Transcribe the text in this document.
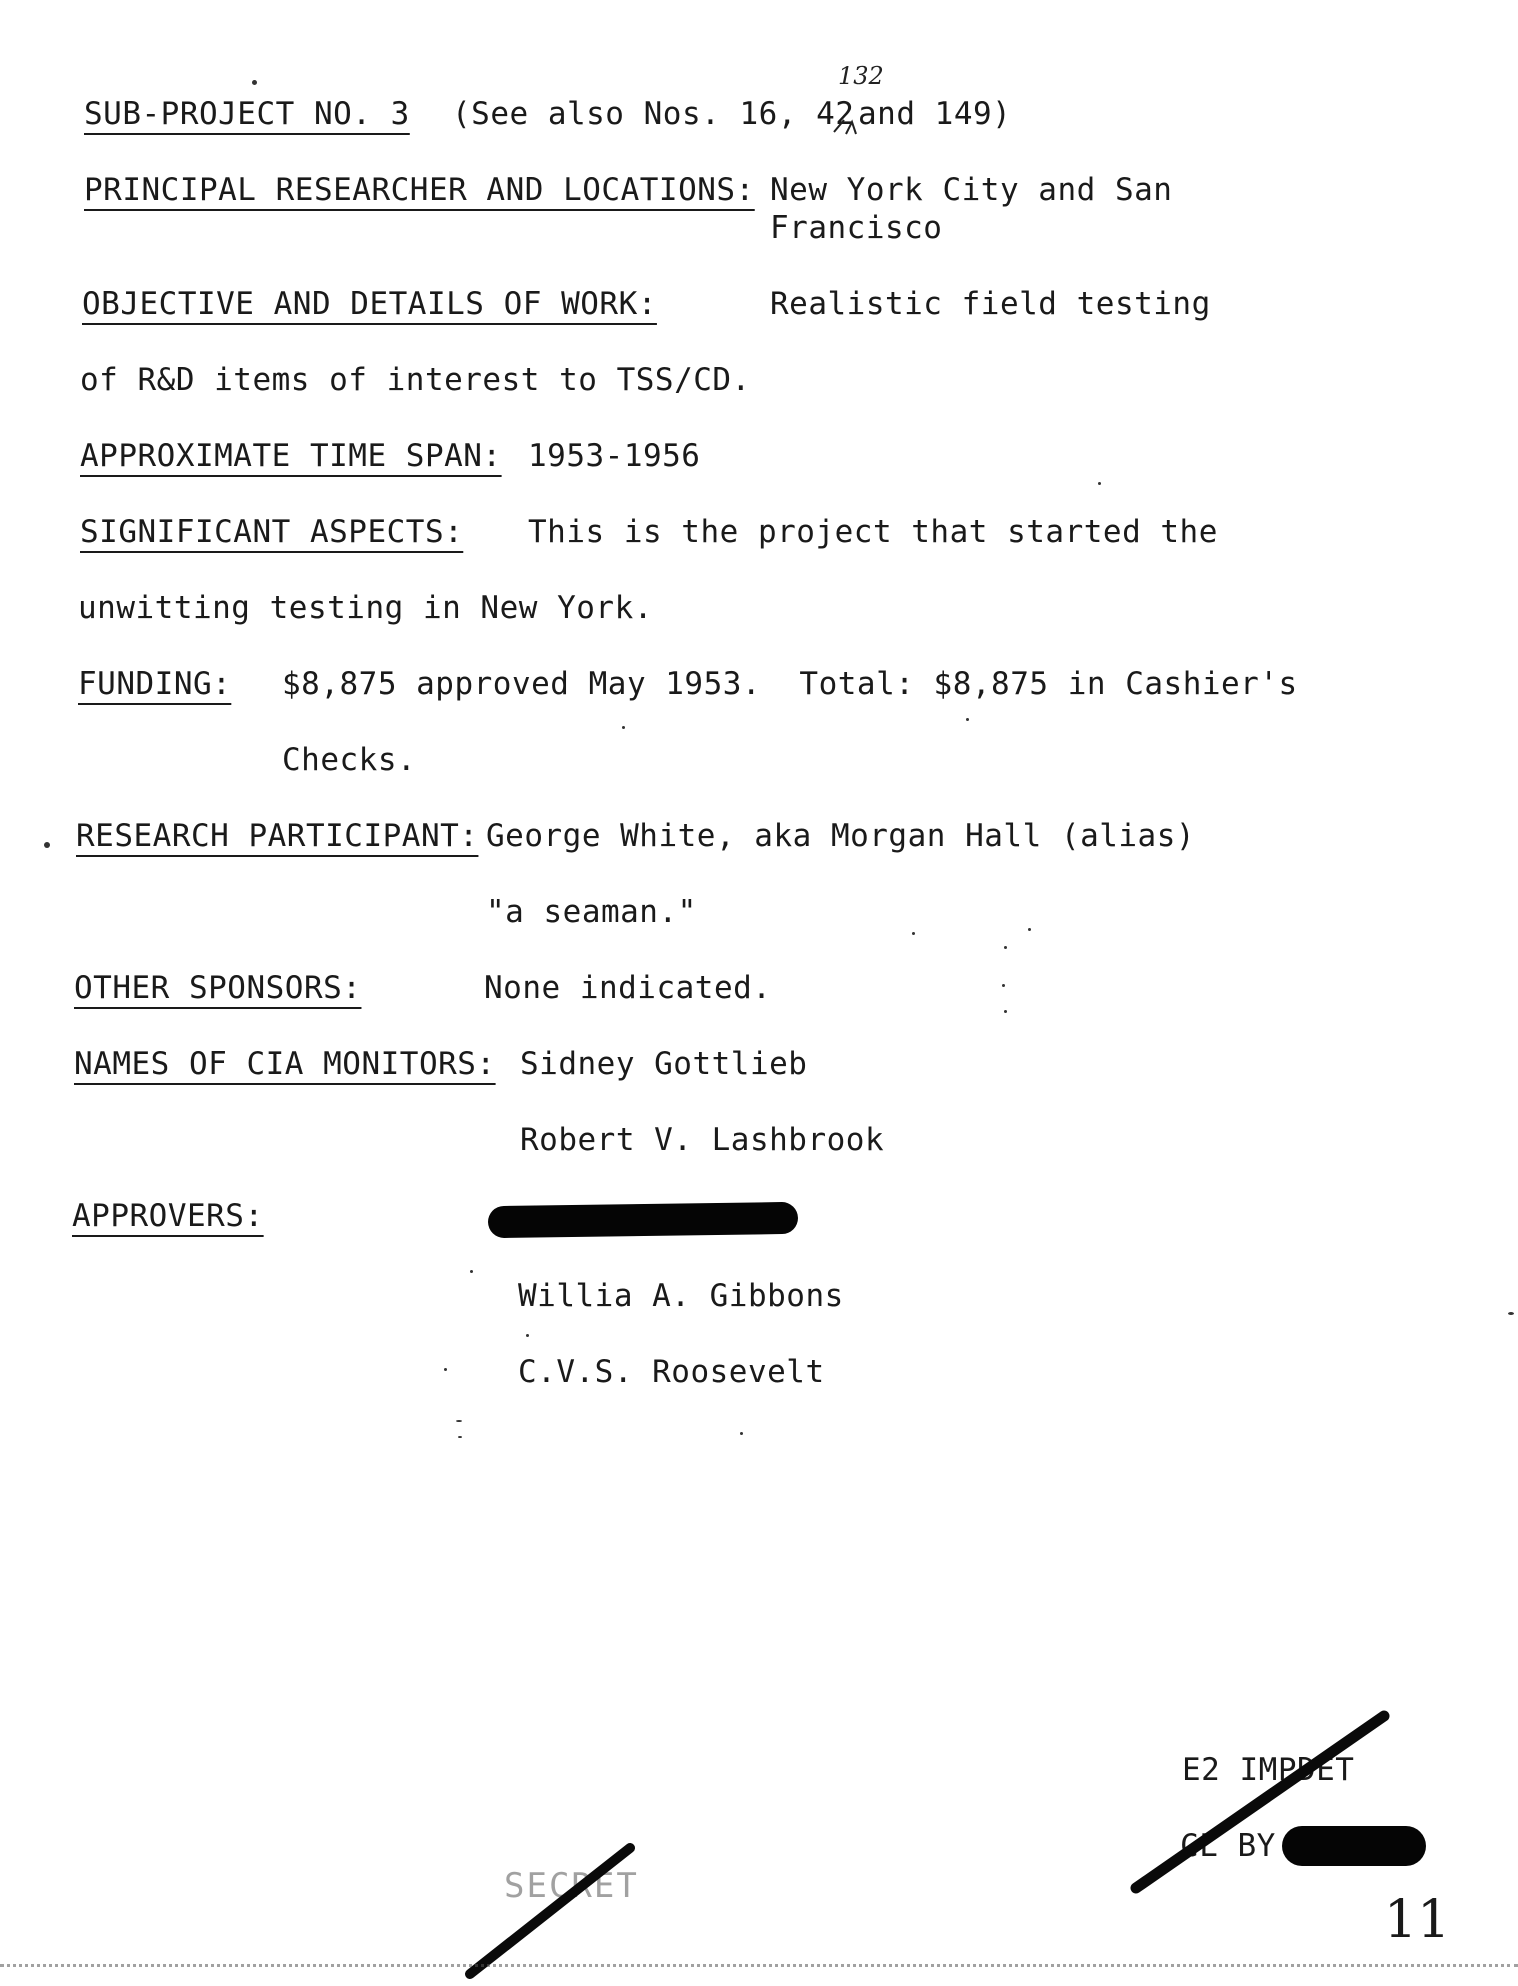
SUB-PROJECT NO. 3 (See also Nos. 16, 42 and 149)
132
PRINCIPAL RESEARCHER AND LOCATIONS: New York City and San
Francisco
OBJECTIVE AND DETAILS OF WORK:	Realistic field testing
of R&D items of interest to TSS/CD.
APPROXIMATE TIME SPAN: 1953-1956
SIGNIFICANT ASPECTS: This is the project that started the
unwitting testing in New York.
FUNDING: $8,875 approved May 1953.  Total: $8,875 in Cashier's
Checks.
RESEARCH PARTICIPANT: George White, aka Morgan Hall (alias)
"a seaman."
OTHER SPONSORS:	None indicated.
NAMES OF CIA MONITORS: Sidney Gottlieb
Robert V. Lashbrook
APPROVERS:
Willia A. Gibbons
C.V.S. Roosevelt
E2 IMPDET
CL BY
SECRET
11
